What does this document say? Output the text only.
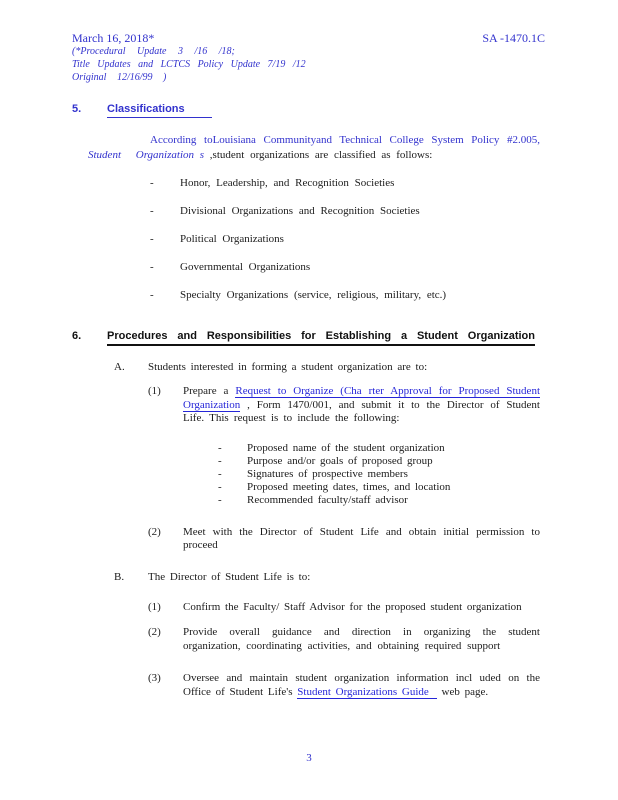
March 16, 2018*	SA -1470.1C
(*Procedural Update 3 /16 /18;
Title Updates and LCTCS Policy Update 7/19 /12
Original 12/16/99 )
5. Classifications
According toLouisiana Communityand Technical College System Policy #2.005,
Student Organization s ,student organizations are classified as follows:
- Honor, Leadership, and Recognition Societies
- Divisional Organizations and Recognition Societies
- Political Organizations
- Governmental Organizations
- Specialty Organizations (service, religious, military, etc.)
6. Procedures and Responsibilities for Establishing a Student Organization
A. Students interested in forming a student organization are to:
(1) Prepare a Request to Organize (Cha rter Approval for Proposed Student
Organization , Form 1470/001, and submit it to the Director of Student
Life. This request is to include the following:
- Proposed name of the student organization
- Purpose and/or goals of proposed group
- Signatures of prospective members
- Proposed meeting dates, times, and location
- Recommended faculty/staff advisor
(2) Meet with the Director of Student Life and obtain initial permission to
proceed
B. The Director of Student Life is to:
(1) Confirm the Faculty/ Staff Advisor for the proposed student organization
(2) Provide overall guidance and direction in organizing the student
organization, coordinating activities, and obtaining required support
(3) Oversee and maintain student organization information incl uded on the
Office of Student Life's Student Organizations Guide web page.
3
